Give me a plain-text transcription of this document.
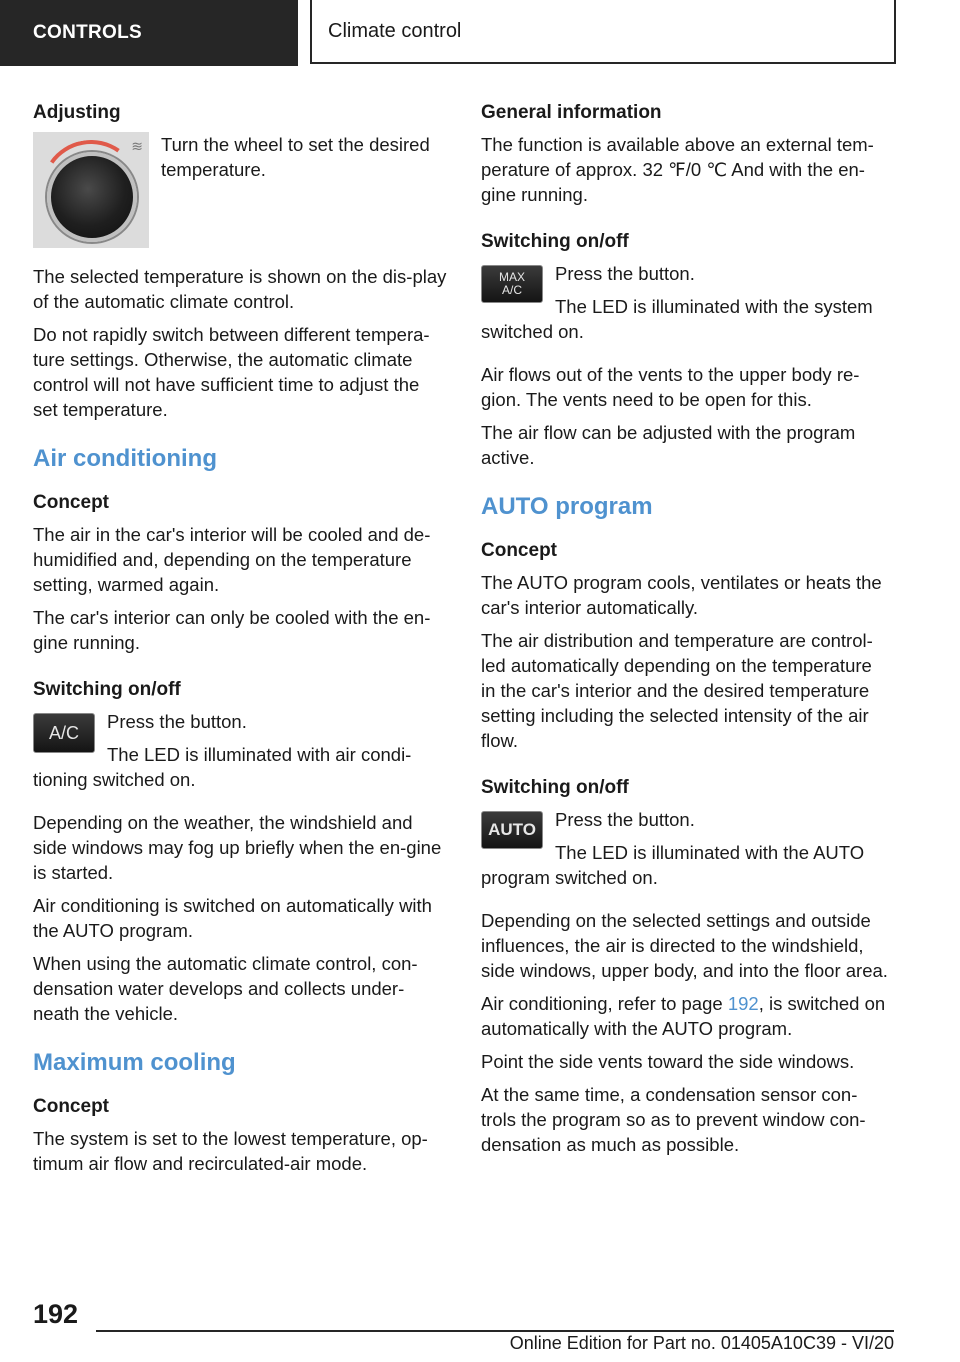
CONTROLS	Climate control
Adjusting
≋ Turn the wheel to set the desired temperature.

The selected temperature is shown on the dis-play of the automatic climate control.

Do not rapidly switch between different tempera-ture settings. Otherwise, the automatic climate control will not have sufficient time to adjust the set temperature.

Air conditioning
Concept

The air in the car's interior will be cooled and de-humidified and, depending on the temperature setting, warmed again.

The car's interior can only be cooled with the en-gine running.

Switching on/off
A/C

Press the button.

The LED is illuminated with air condi-tioning switched on.

Depending on the weather, the windshield and side windows may fog up briefly when the en-gine is started.

Air conditioning is switched on automatically with the AUTO program.

When using the automatic climate control, con-densation water develops and collects under-neath the vehicle.

Maximum cooling
Concept

The system is set to the lowest temperature, op-timum air flow and recirculated-air mode.

General information

The function is available above an external tem-perature of approx. 32 ℉/0 ℃ And with the en-gine running.

Switching on/off
MAX
A/C

Press the button.

The LED is illuminated with the system switched on.

Air flows out of the vents to the upper body re-gion. The vents need to be open for this.

The air flow can be adjusted with the program active.

AUTO program
Concept

The AUTO program cools, ventilates or heats the car's interior automatically.

The air distribution and temperature are control-led automatically depending on the temperature in the car's interior and the desired temperature setting including the selected intensity of the air flow.

Switching on/off
AUTO	Press the button.

The LED is illuminated with the AUTO program switched on.

Depending on the selected settings and outside influences, the air is directed to the windshield, side windows, upper body, and into the floor area.

Air conditioning, refer to page 192, is switched on automatically with the AUTO program.

Point the side vents toward the side windows.

At the same time, a condensation sensor con-trols the program so as to prevent window con-densation as much as possible.

192
Online Edition for Part no. 01405A10C39 - VI/20
